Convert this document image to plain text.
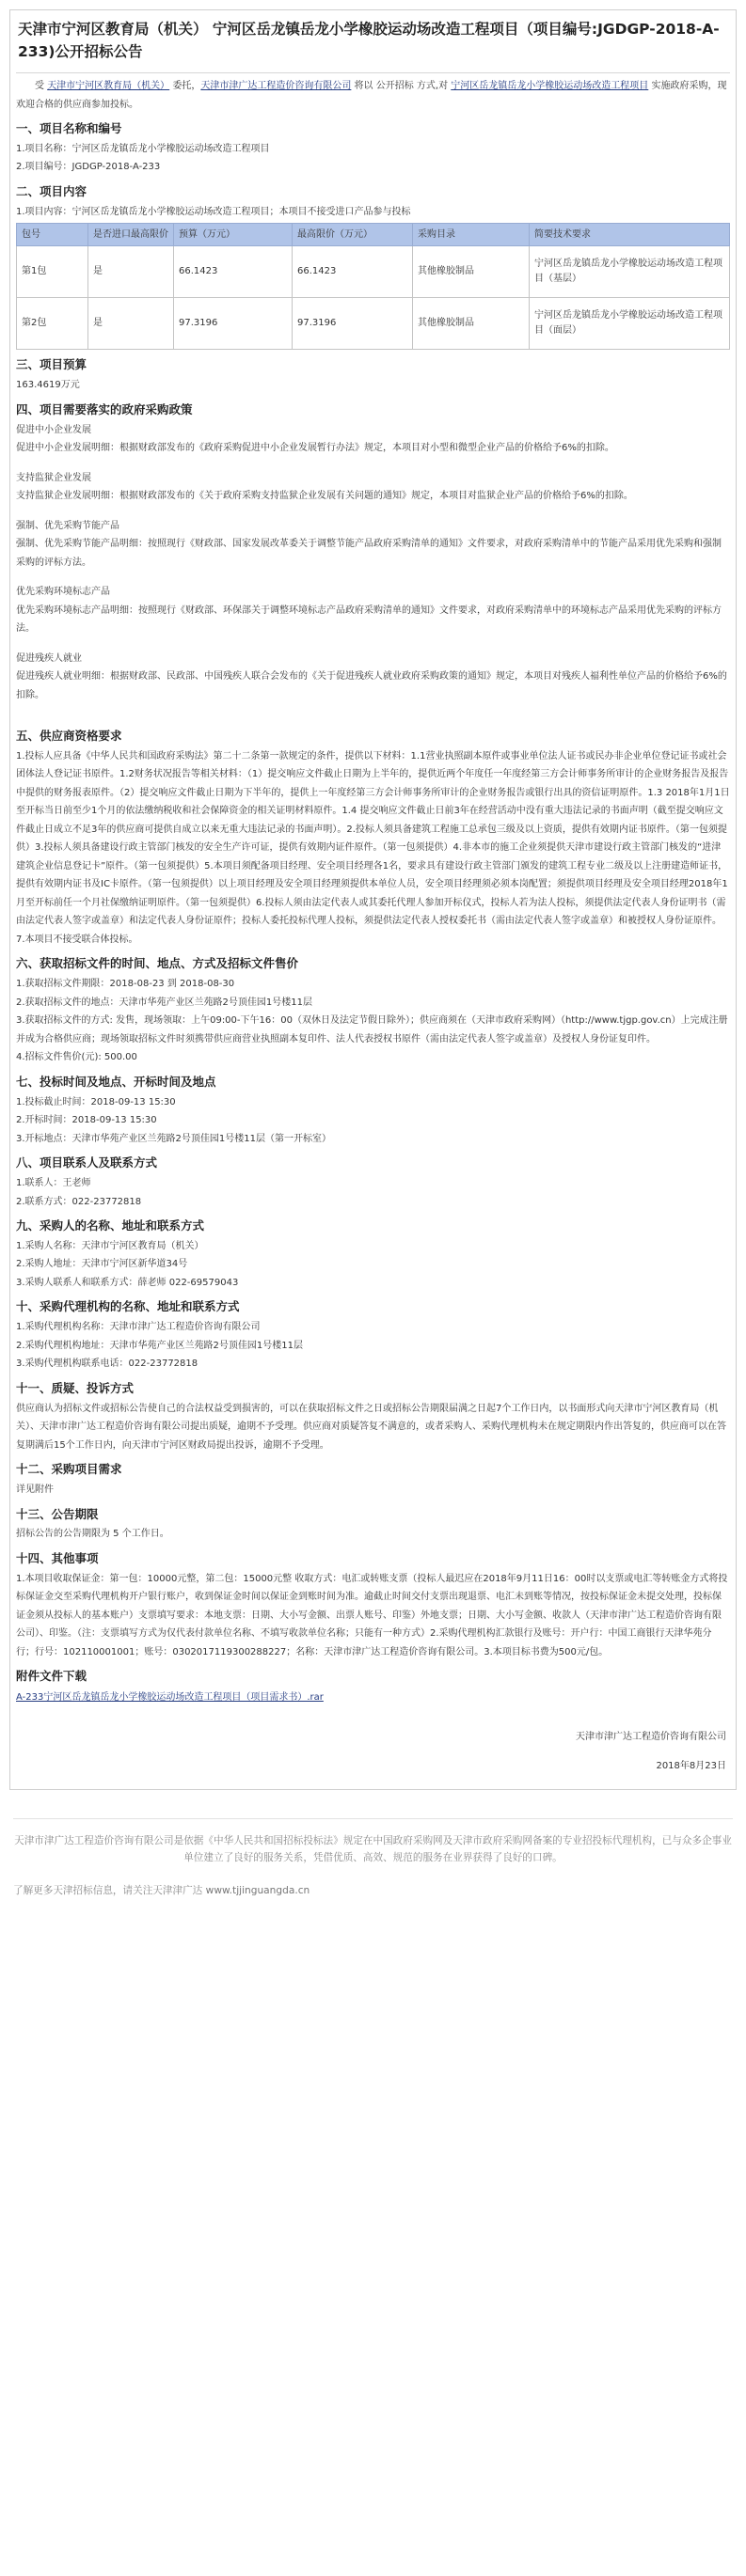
天津市宁河区教育局（机关） 宁河区岳龙镇岳龙小学橡胶运动场改造工程项目（项目编号:JGDGP-2018-A-233)公开招标公告

受 天津市宁河区教育局（机关） 委托，天津市津广达工程造价咨询有限公司 将以 公开招标 方式,对 宁河区岳龙镇岳龙小学橡胶运动场改造工程项目 实施政府采购，现欢迎合格的供应商参加投标。

一、项目名称和编号

1.项目名称：宁河区岳龙镇岳龙小学橡胶运动场改造工程项目

2.项目编号：JGDGP-2018-A-233

二、项目内容

1.项目内容：宁河区岳龙镇岳龙小学橡胶运动场改造工程项目；本项目不接受进口产品参与投标

包号	是否进口最高限价	预算（万元）	最高限价（万元）	采购目录	简要技术要求
第1包	是	66.1423	66.1423	其他橡胶制品	宁河区岳龙镇岳龙小学橡胶运动场改造工程项目（基层）
第2包	是	97.3196	97.3196	其他橡胶制品	宁河区岳龙镇岳龙小学橡胶运动场改造工程项目（面层）
三、项目预算

163.4619万元

四、项目需要落实的政府采购政策

促进中小企业发展

促进中小企业发展明细：根据财政部发布的《政府采购促进中小企业发展暂行办法》规定，本项目对小型和微型企业产品的价格给予6%的扣除。

支持监狱企业发展

支持监狱企业发展明细：根据财政部发布的《关于政府采购支持监狱企业发展有关问题的通知》规定，本项目对监狱企业产品的价格给予6%的扣除。

强制、优先采购节能产品

强制、优先采购节能产品明细：按照现行《财政部、国家发展改革委关于调整节能产品政府采购清单的通知》文件要求，对政府采购清单中的节能产品采用优先采购和强制采购的评标方法。

优先采购环境标志产品

优先采购环境标志产品明细：按照现行《财政部、环保部关于调整环境标志产品政府采购清单的通知》文件要求，对政府采购清单中的环境标志产品采用优先采购的评标方法。

促进残疾人就业

促进残疾人就业明细：根据财政部、民政部、中国残疾人联合会发布的《关于促进残疾人就业政府采购政策的通知》规定，本项目对残疾人福利性单位产品的价格给予6%的扣除。

五、供应商资格要求

1.投标人应具备《中华人民共和国政府采购法》第二十二条第一款规定的条件，提供以下材料：1.1营业执照副本原件或事业单位法人证书或民办非企业单位登记证书或社会团体法人登记证书原件。1.2财务状况报告等相关材料：（1）提交响应文件截止日期为上半年的，提供近两个年度任一年度经第三方会计师事务所审计的企业财务报告及报告中提供的财务报表原件。（2）提交响应文件截止日期为下半年的，提供上一年度经第三方会计师事务所审计的企业财务报告或银行出具的资信证明原件。1.3 2018年1月1日至开标当日前至少1个月的依法缴纳税收和社会保障资金的相关证明材料原件。1.4 提交响应文件截止日前3年在经营活动中没有重大违法记录的书面声明（截至提交响应文件截止日成立不足3年的供应商可提供自成立以来无重大违法记录的书面声明）。2.投标人须具备建筑工程施工总承包三级及以上资质，提供有效期内证书原件。（第一包须提供）3.投标人须具备建设行政主管部门核发的安全生产许可证，提供有效期内证件原件。（第一包须提供）4.非本市的施工企业须提供天津市建设行政主管部门核发的“进津建筑企业信息登记卡”原件。（第一包须提供）5.本项目须配备项目经理、安全项目经理各1名，要求具有建设行政主管部门颁发的建筑工程专业二级及以上注册建造师证书，提供有效期内证书及IC卡原件。（第一包须提供）以上项目经理及安全项目经理须提供本单位人员，安全项目经理须必须本岗配置；须提供项目经理及安全项目经理2018年1月至开标前任一个月社保缴纳证明原件。（第一包须提供）6.投标人须由法定代表人或其委托代理人参加开标仪式，投标人若为法人投标，须提供法定代表人身份证明书（需由法定代表人签字或盖章）和法定代表人身份证原件；投标人委托投标代理人投标，须提供法定代表人授权委托书（需由法定代表人签字或盖章）和被授权人身份证原件。7.本项目不接受联合体投标。

六、获取招标文件的时间、地点、方式及招标文件售价

1.获取招标文件期限：2018-08-23 到 2018-08-30

2.获取招标文件的地点：天津市华苑产业区兰苑路2号顶佳园1号楼11层

3.获取招标文件的方式: 发售，现场领取：上午09:00-下午16：00（双休日及法定节假日除外）；供应商须在（天津市政府采购网）（http://www.tjgp.gov.cn）上完成注册并成为合格供应商；现场领取招标文件时须携带供应商营业执照副本复印件、法人代表授权书原件（需由法定代表人签字或盖章）及授权人身份证复印件。

4.招标文件售价(元): 500.00

七、投标时间及地点、开标时间及地点

1.投标截止时间：2018-09-13 15:30

2.开标时间：2018-09-13 15:30

3.开标地点：天津市华苑产业区兰苑路2号顶佳园1号楼11层（第一开标室）

八、项目联系人及联系方式

1.联系人：王老师

2.联系方式：022-23772818

九、采购人的名称、地址和联系方式

1.采购人名称：天津市宁河区教育局（机关）

2.采购人地址：天津市宁河区新华道34号

3.采购人联系人和联系方式：薛老师 022-69579043

十、采购代理机构的名称、地址和联系方式

1.采购代理机构名称：天津市津广达工程造价咨询有限公司

2.采购代理机构地址：天津市华苑产业区兰苑路2号顶佳园1号楼11层

3.采购代理机构联系电话：022-23772818

十一、质疑、投诉方式

供应商认为招标文件或招标公告使自己的合法权益受到损害的，可以在获取招标文件之日或招标公告期限届满之日起7个工作日内，以书面形式向天津市宁河区教育局（机关）、天津市津广达工程造价咨询有限公司提出质疑，逾期不予受理。供应商对质疑答复不满意的，或者采购人、采购代理机构未在规定期限内作出答复的，供应商可以在答复期满后15个工作日内，向天津市宁河区财政局提出投诉，逾期不予受理。

十二、采购项目需求

详见附件

十三、公告期限

招标公告的公告期限为 5 个工作日。

十四、其他事项

1.本项目收取保证金：第一包：10000元整，第二包：15000元整 收取方式：电汇或转账支票（投标人最迟应在2018年9月11日16：00时以支票或电汇等转账金方式将投标保证金交至采购代理机构开户银行账户，收到保证金时间以保证金到账时间为准。逾截止时间交付支票出现退票、电汇未到账等情况，按投标保证金未提交处理，投标保证金须从投标人的基本账户）支票填写要求：本地支票：日期、大小写金额、出票人账号、印鉴）外地支票；日期、大小写金额、收款人（天津市津广达工程造价咨询有限公司）、印鉴。（注：支票填写方式为仅代表付款单位名称、不填写收款单位名称；只能有一种方式）2.采购代理机构汇款银行及账号：开户行：中国工商银行天津华苑分行；行号：102110001001；账号：0302017119300288227；名称：天津市津广达工程造价咨询有限公司。3.本项目标书费为500元/包。

附件文件下载

A-233宁河区岳龙镇岳龙小学橡胶运动场改造工程项目（项目需求书）.rar

天津市津广达工程造价咨询有限公司

2018年8月23日

天津市津广达工程造价咨询有限公司是依据《中华人民共和国招标投标法》规定在中国政府采购网及天津市政府采购网备案的专业招投标代理机构，已与众多企事业单位建立了良好的服务关系，凭借优质、高效、规范的服务在业界获得了良好的口碑。

了解更多天津招标信息，请关注天津津广达 www.tjjinguangda.cn
